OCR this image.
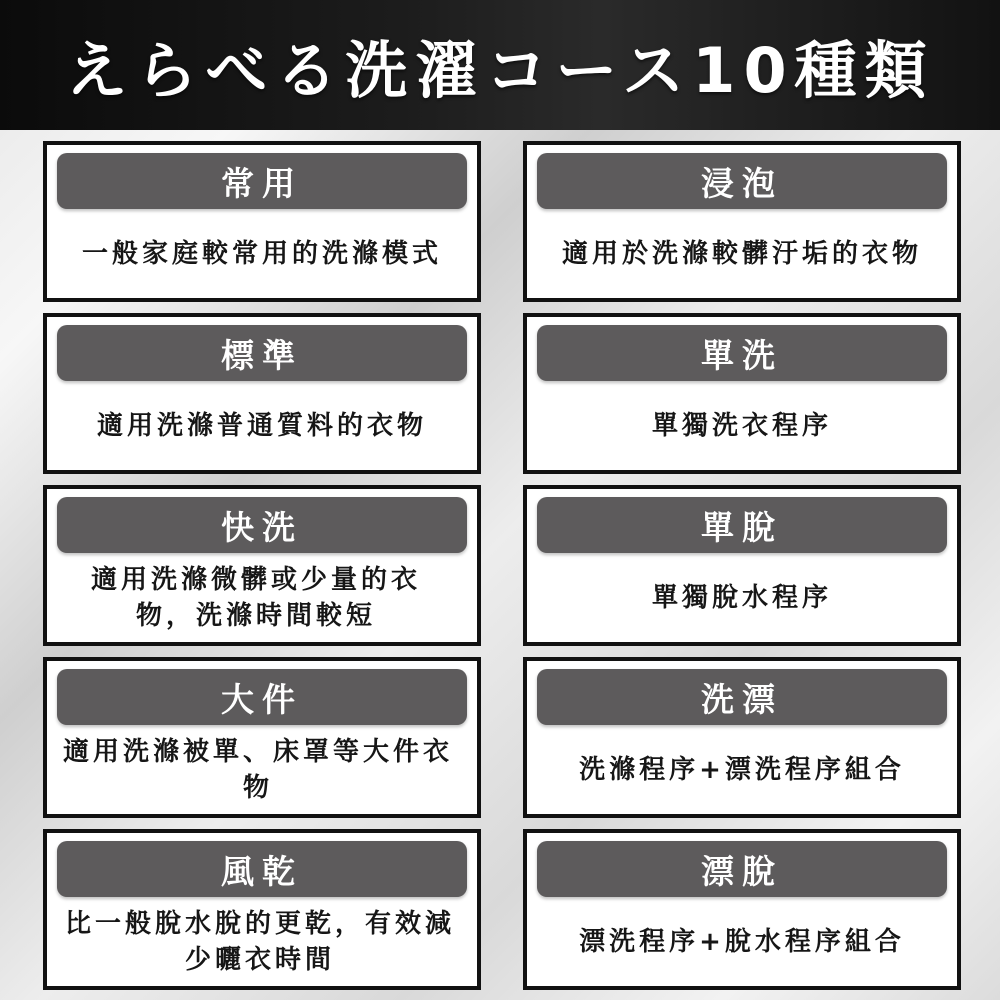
えらべる洗濯コース10種類
常用
一般家庭較常用的洗滌模式
浸泡
適用於洗滌較髒汙垢的衣物
標準
適用洗滌普通質料的衣物
單洗
單獨洗衣程序
快洗
適用洗滌微髒或少量的衣物，洗滌時間較短
單脫
單獨脫水程序
大件
適用洗滌被單、床罩等大件衣物
洗漂
洗滌程序+漂洗程序組合
風乾
比一般脫水脫的更乾，有效減少曬衣時間
漂脫
漂洗程序+脫水程序組合
